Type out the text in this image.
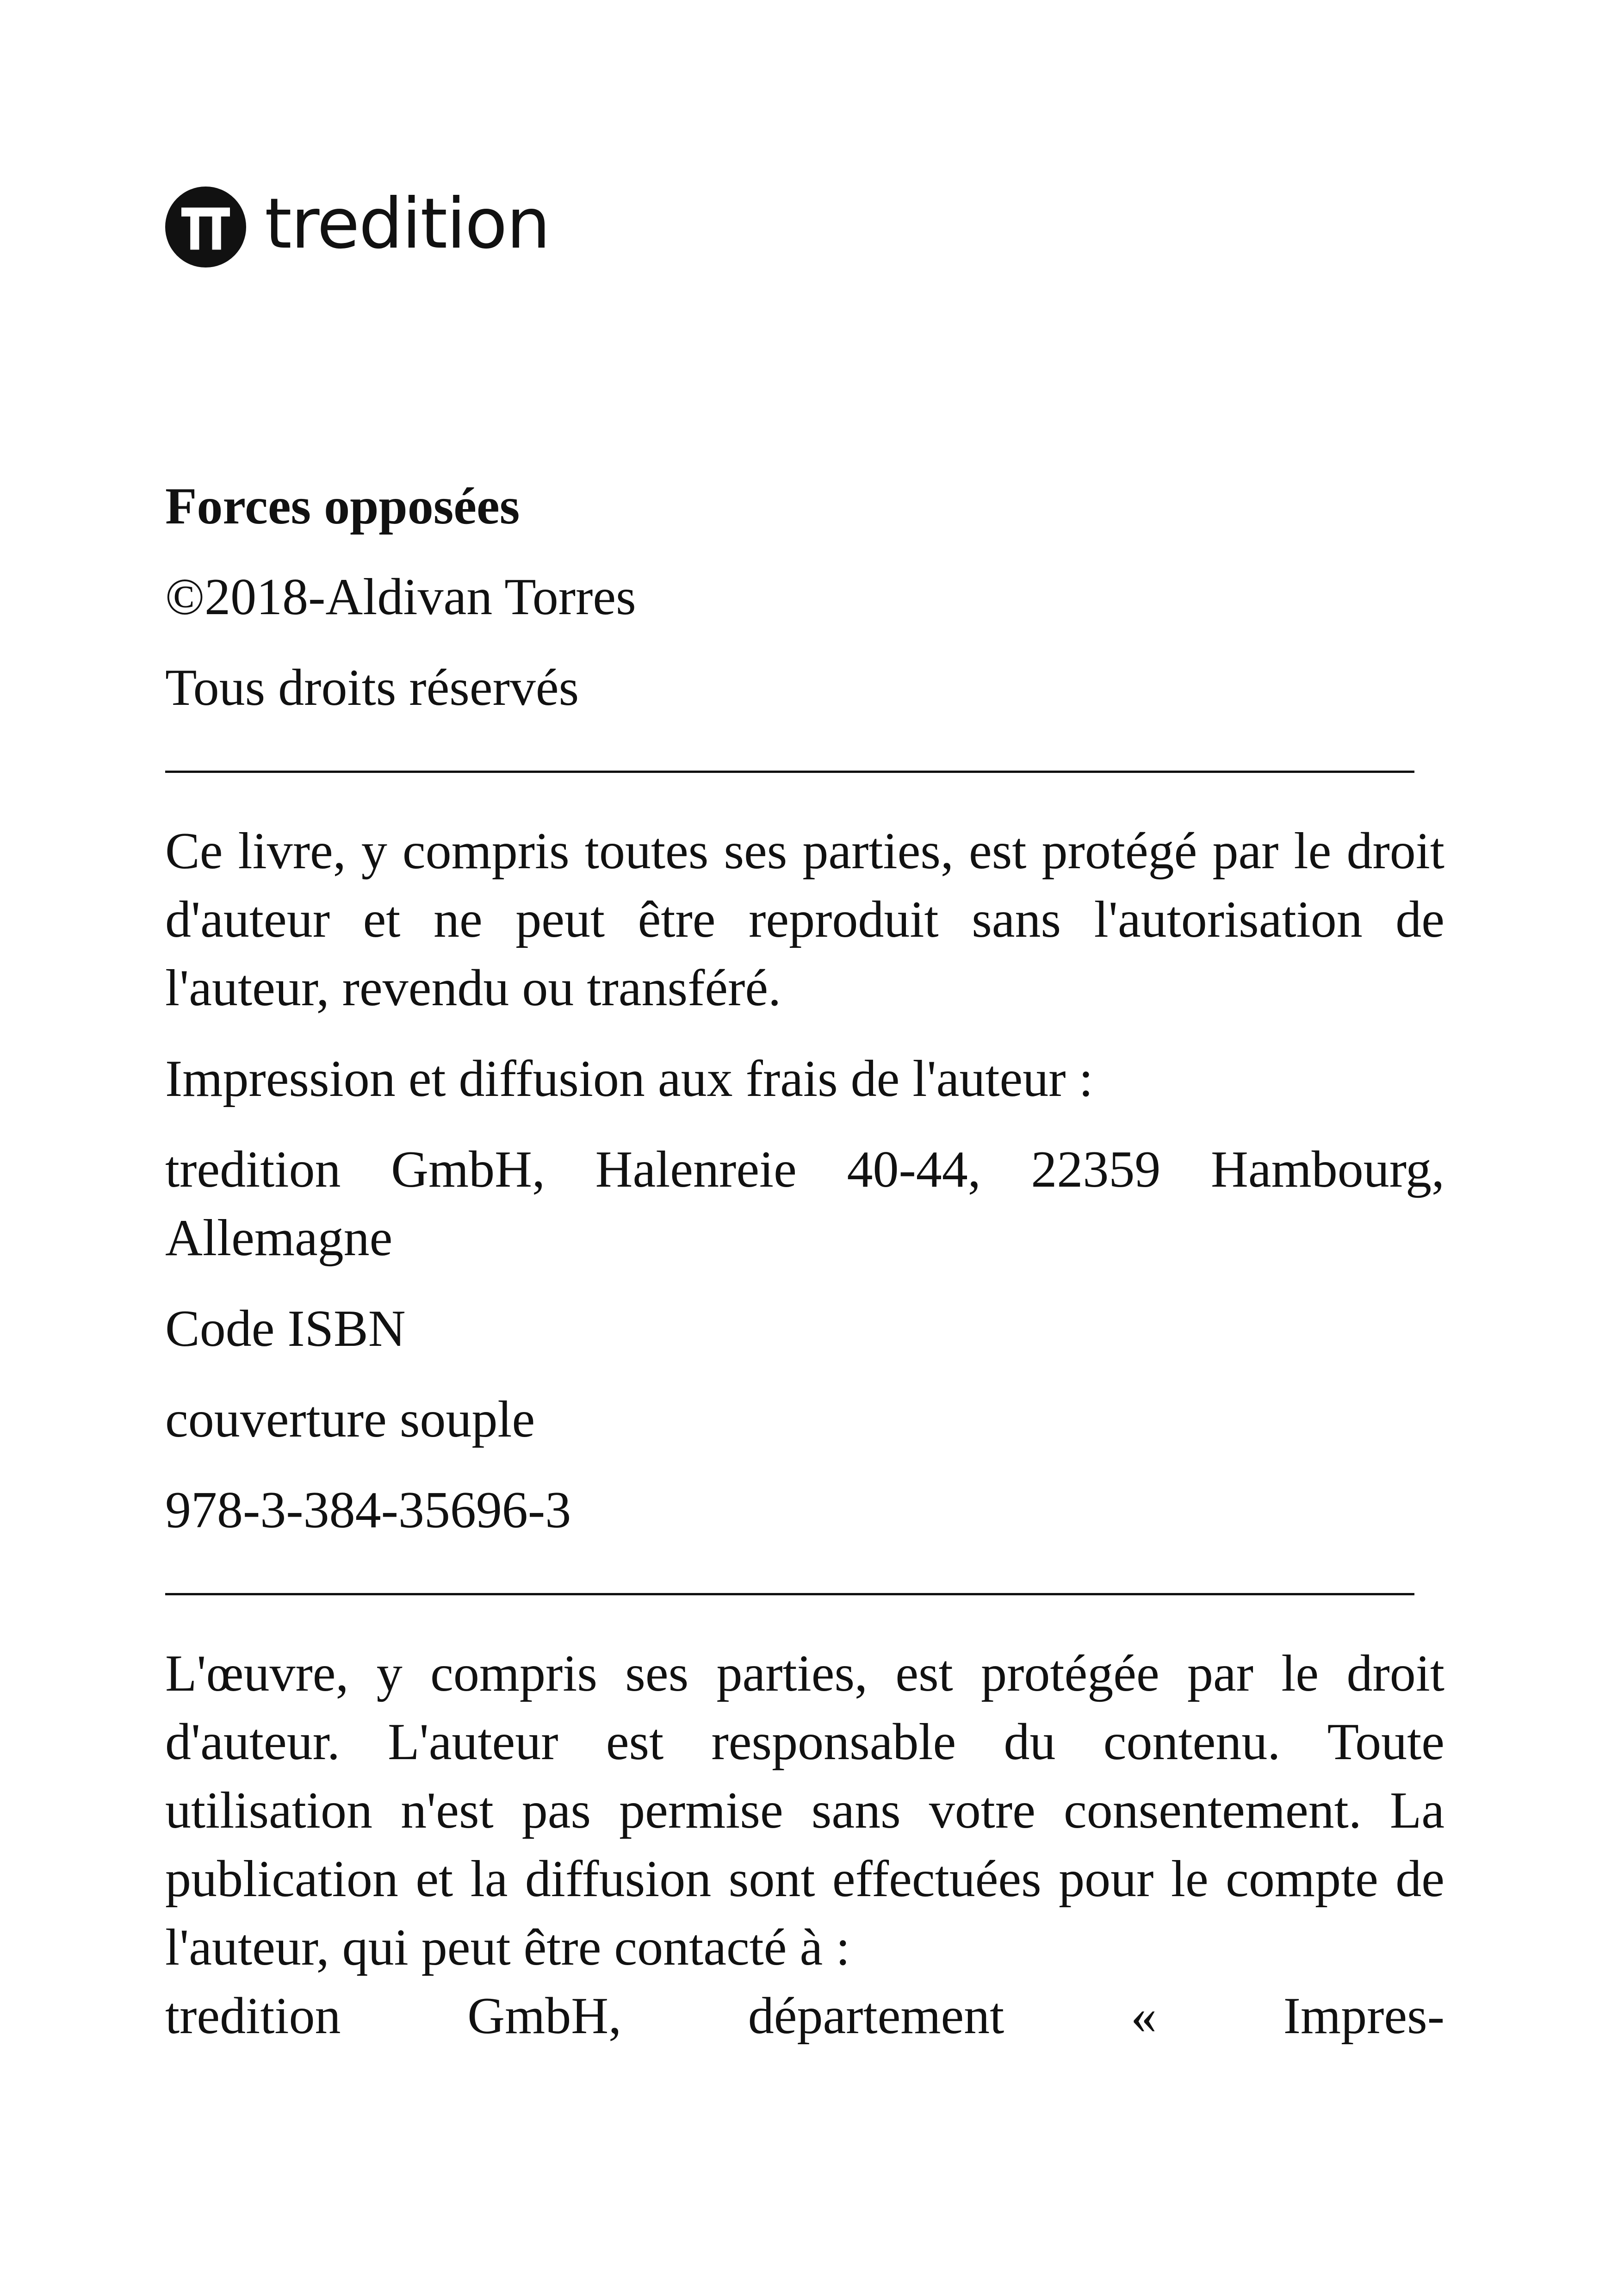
tredition

Forces opposées

©2018-Aldivan Torres

Tous droits réservés

Ce livre, y compris toutes ses parties, est protégé par le droit d'auteur et ne peut être reproduit sans l'autorisation de l'auteur, revendu ou transféré.

Impression et diffusion aux frais de l'auteur :

tredition GmbH, Halenreie 40-44, 22359 Hambourg, Allemagne

Code ISBN

couverture souple

978-3-384-35696-3

L'œuvre, y compris ses parties, est protégée par le droit d'auteur. L'auteur est responsable du contenu. Toute utilisation n'est pas permise sans votre consentement. La publication et la diffusion sont effectuées pour le compte de l'auteur, qui peut être contacté à :

tredition GmbH, département « Impres-
